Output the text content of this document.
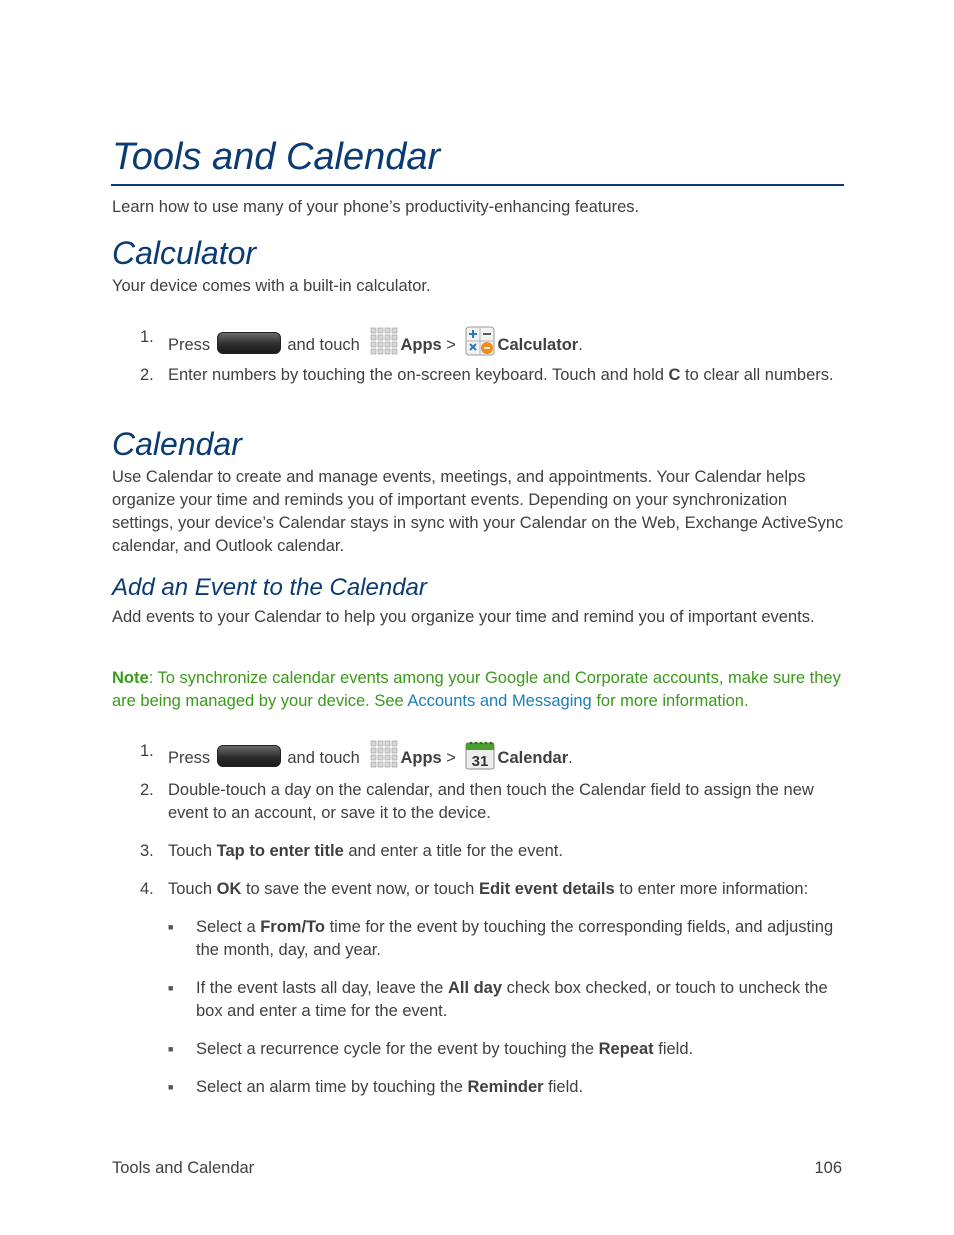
Tools and Calendar

Learn how to use many of your phone’s productivity-enhancing features.

Calculator

Your device comes with a built-in calculator.

1. Press	and touch Apps >	Calculator.
2. Enter numbers by touching the on-screen keyboard. Touch and hold C to clear all numbers.
Calendar

Use Calendar to create and manage events, meetings, and appointments. Your Calendar helps organize your time and reminds you of important events. Depending on your synchronization settings, your device’s Calendar stays in sync with your Calendar on the Web, Exchange ActiveSync calendar, and Outlook calendar.

Add an Event to the Calendar

Add events to your Calendar to help you organize your time and remind you of important events.

Note: To synchronize calendar events among your Google and Corporate accounts, make sure they are being managed by your device. See Accounts and Messaging for more information.

1. Press	and touch Apps > 31 Calendar.
2. Double-touch a day on the calendar, and then touch the Calendar field to assign the new event to an account, or save it to the device.
3. Touch Tap to enter title and enter a title for the event.
4. Touch OK to save the event now, or touch Edit event details to enter more information:
■ Select a From/To time for the event by touching the corresponding fields, and adjusting the month, day, and year.
■ If the event lasts all day, leave the All day check box checked, or touch to uncheck the box and enter a time for the event.
■ Select a recurrence cycle for the event by touching the Repeat field.
■ Select an alarm time by touching the Reminder field.
Tools and Calendar	106
